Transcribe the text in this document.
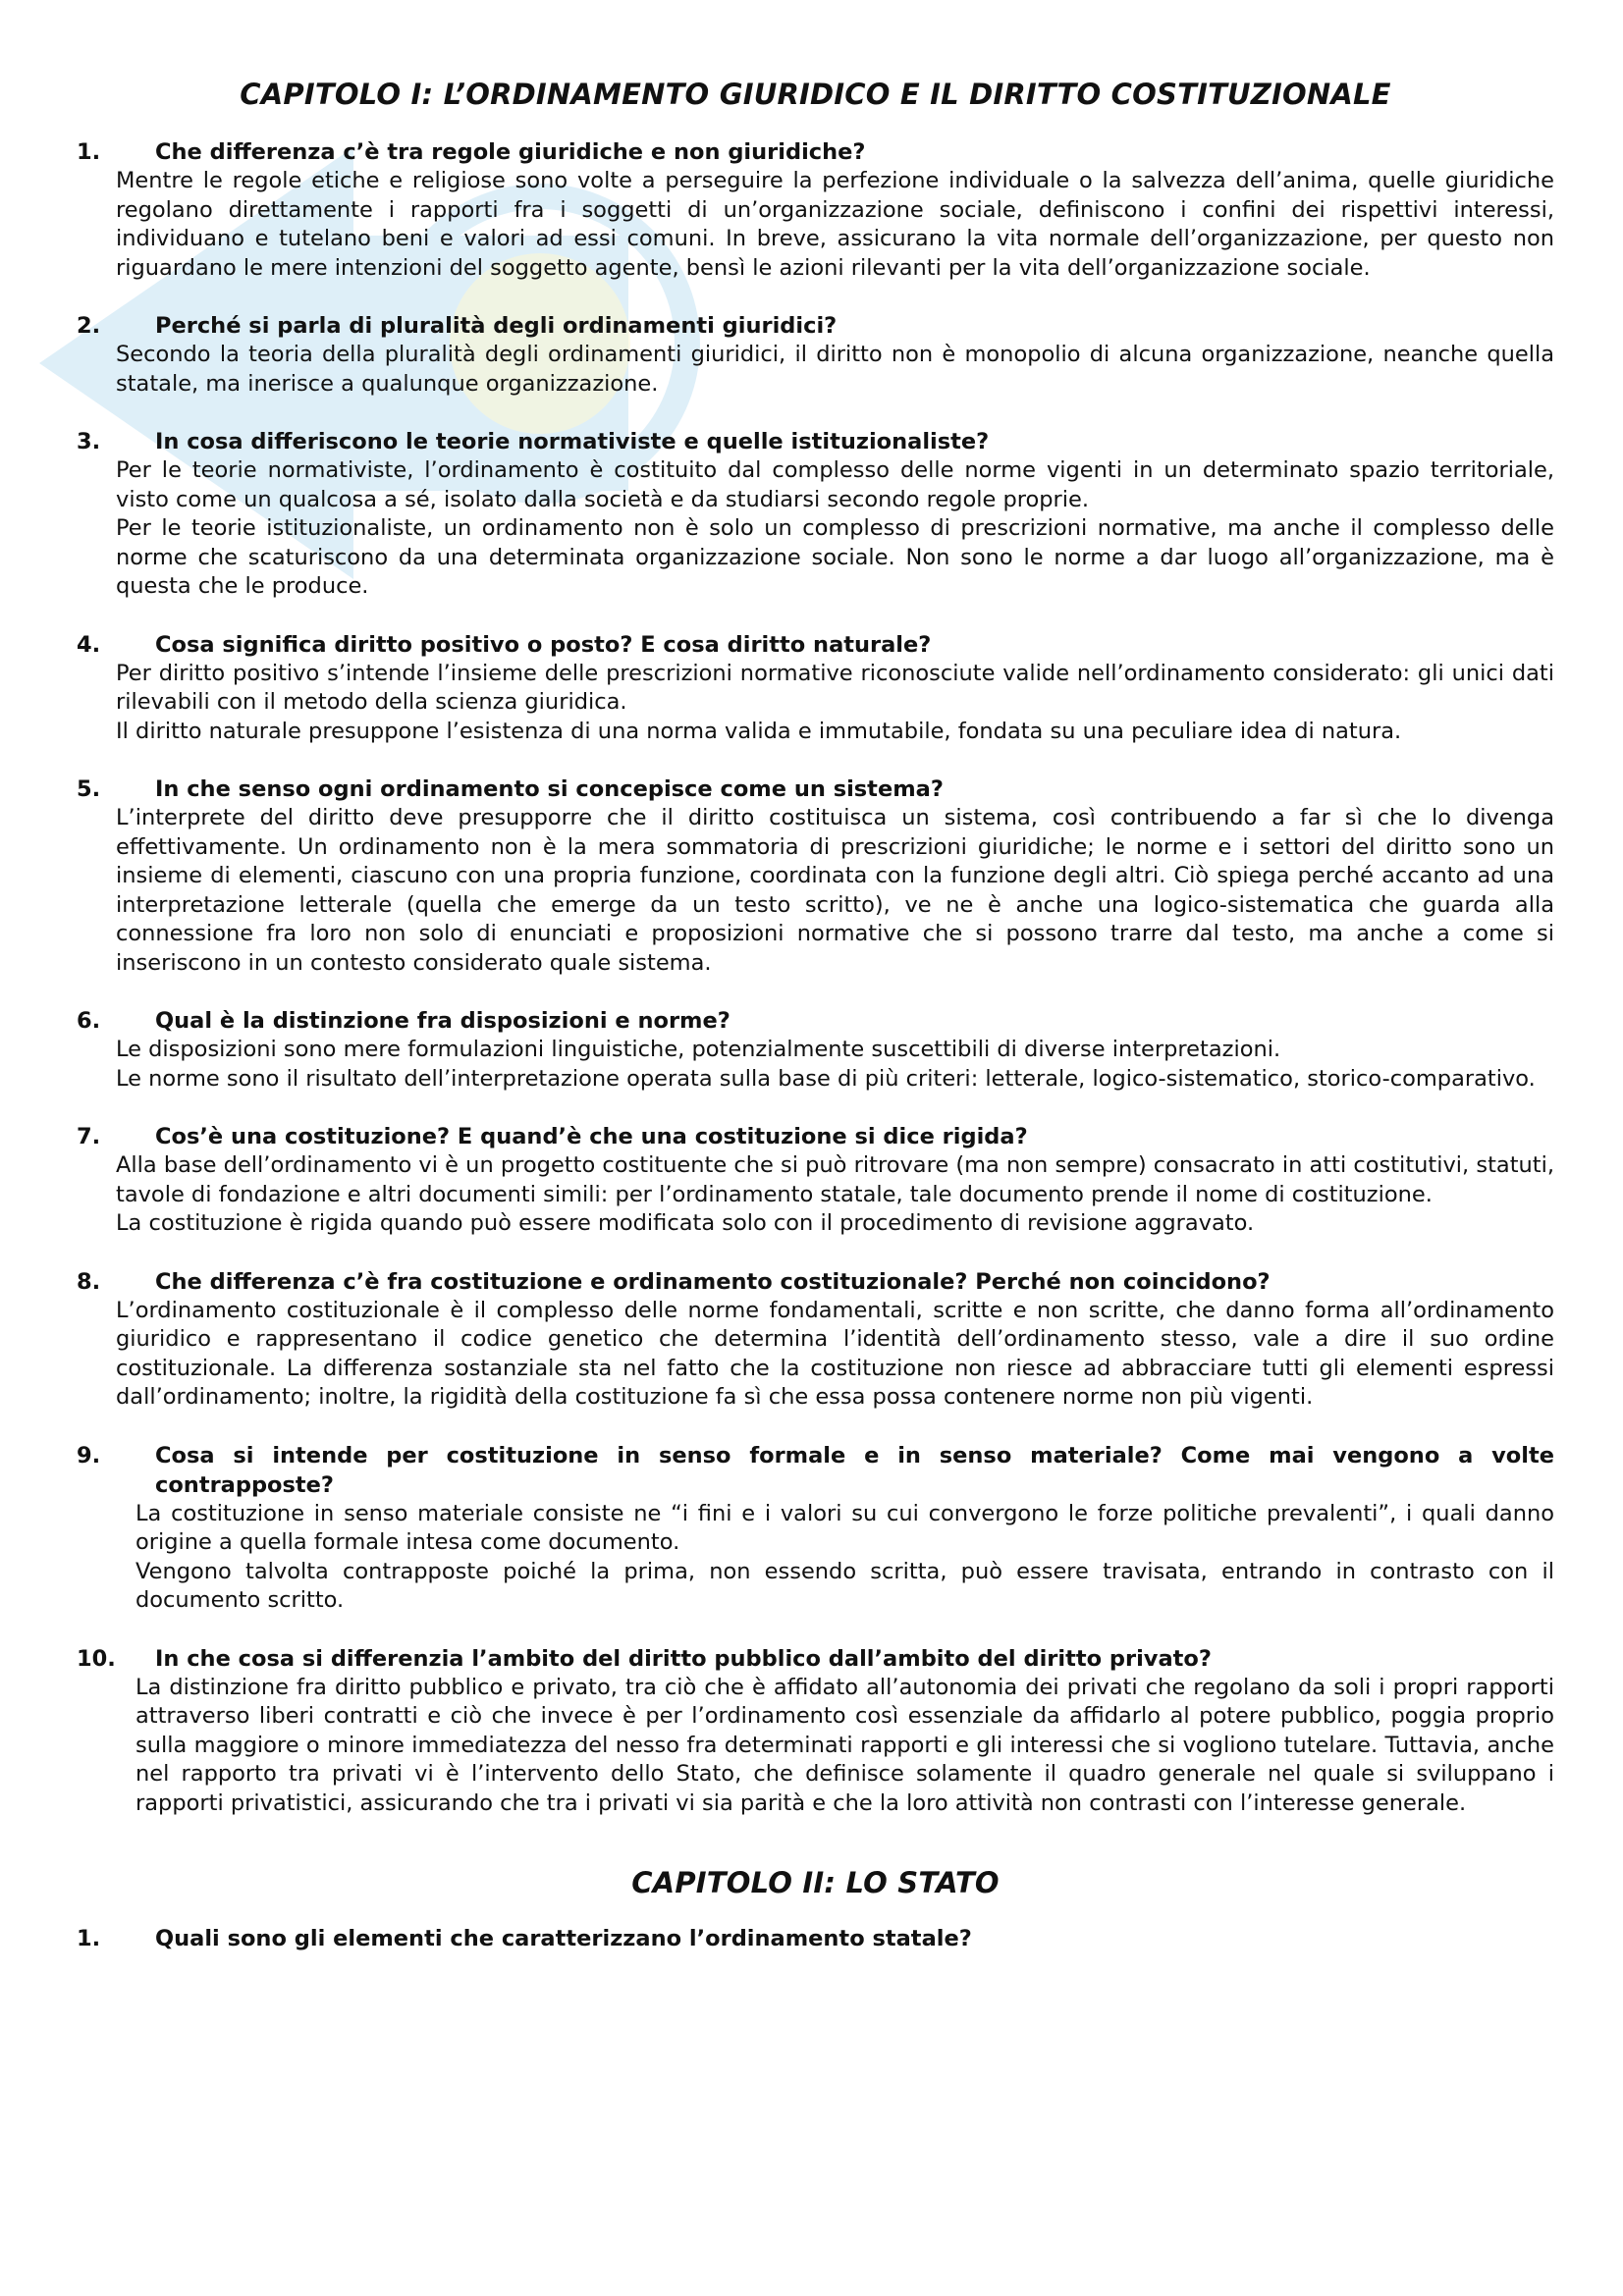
CAPITOLO I: L’ORDINAMENTO GIURIDICO E IL DIRITTO COSTITUZIONALE
1.	Che differenza c’è tra regole giuridiche e non giuridiche?

Mentre le regole etiche e religiose sono volte a perseguire la perfezione individuale o la salvezza dell’anima, quelle giuridiche regolano direttamente i rapporti fra i soggetti di un’organizzazione sociale, definiscono i confini dei rispettivi interessi, individuano e tutelano beni e valori ad essi comuni. In breve, assicurano la vita normale dell’organizzazione, per questo non riguardano le mere intenzioni del soggetto agente, bensì le azioni rilevanti per la vita dell’organizzazione sociale.

2.	Perché si parla di pluralità degli ordinamenti giuridici?

Secondo la teoria della pluralità degli ordinamenti giuridici, il diritto non è monopolio di alcuna organizzazione, neanche quella statale, ma inerisce a qualunque organizzazione.

3.	In cosa differiscono le teorie normativiste e quelle istituzionaliste?

Per le teorie normativiste, l’ordinamento è costituito dal complesso delle norme vigenti in un determinato spazio territoriale, visto come un qualcosa a sé, isolato dalla società e da studiarsi secondo regole proprie.

Per le teorie istituzionaliste, un ordinamento non è solo un complesso di prescrizioni normative, ma anche il complesso delle norme che scaturiscono da una determinata organizzazione sociale. Non sono le norme a dar luogo all’organizzazione, ma è questa che le produce.

4.	Cosa significa diritto positivo o posto? E cosa diritto naturale?

Per diritto positivo s’intende l’insieme delle prescrizioni normative riconosciute valide nell’ordinamento considerato: gli unici dati rilevabili con il metodo della scienza giuridica.

Il diritto naturale presuppone l’esistenza di una norma valida e immutabile, fondata su una peculiare idea di natura.

5.	In che senso ogni ordinamento si concepisce come un sistema?

L’interprete del diritto deve presupporre che il diritto costituisca un sistema, così contribuendo a far sì che lo divenga effettivamente. Un ordinamento non è la mera sommatoria di prescrizioni giuridiche; le norme e i settori del diritto sono un insieme di elementi, ciascuno con una propria funzione, coordinata con la funzione degli altri. Ciò spiega perché accanto ad una interpretazione letterale (quella che emerge da un testo scritto), ve ne è anche una logico-sistematica che guarda alla connessione fra loro non solo di enunciati e proposizioni normative che si possono trarre dal testo, ma anche a come si inseriscono in un contesto considerato quale sistema.

6.	Qual è la distinzione fra disposizioni e norme?

Le disposizioni sono mere formulazioni linguistiche, potenzialmente suscettibili di diverse interpretazioni.

Le norme sono il risultato dell’interpretazione operata sulla base di più criteri: letterale, logico-sistematico, storico-comparativo.

7.	Cos’è una costituzione? E quand’è che una costituzione si dice rigida?

Alla base dell’ordinamento vi è un progetto costituente che si può ritrovare (ma non sempre) consacrato in atti costitutivi, statuti, tavole di fondazione e altri documenti simili: per l’ordinamento statale, tale documento prende il nome di costituzione.

La costituzione è rigida quando può essere modificata solo con il procedimento di revisione aggravato.

8.	Che differenza c’è fra costituzione e ordinamento costituzionale? Perché non coincidono?

L’ordinamento costituzionale è il complesso delle norme fondamentali, scritte e non scritte, che danno forma all’ordinamento giuridico e rappresentano il codice genetico che determina l’identità dell’ordinamento stesso, vale a dire il suo ordine costituzionale. La differenza sostanziale sta nel fatto che la costituzione non riesce ad abbracciare tutti gli elementi espressi dall’ordinamento; inoltre, la rigidità della costituzione fa sì che essa possa contenere norme non più vigenti.

9.	Cosa si intende per costituzione in senso formale e in senso materiale? Come mai vengono a volte contrapposte?

La costituzione in senso materiale consiste ne “i fini e i valori su cui convergono le forze politiche prevalenti”, i quali danno origine a quella formale intesa come documento.

Vengono talvolta contrapposte poiché la prima, non essendo scritta, può essere travisata, entrando in contrasto con il documento scritto.

10.	In che cosa si differenzia l’ambito del diritto pubblico dall’ambito del diritto privato?

La distinzione fra diritto pubblico e privato, tra ciò che è affidato all’autonomia dei privati che regolano da soli i propri rapporti attraverso liberi contratti e ciò che invece è per l’ordinamento così essenziale da affidarlo al potere pubblico, poggia proprio sulla maggiore o minore immediatezza del nesso fra determinati rapporti e gli interessi che si vogliono tutelare. Tuttavia, anche nel rapporto tra privati vi è l’intervento dello Stato, che definisce solamente il quadro generale nel quale si sviluppano i rapporti privatistici, assicurando che tra i privati vi sia parità e che la loro attività non contrasti con l’interesse generale.

CAPITOLO II: LO STATO
1.	Quali sono gli elementi che caratterizzano l’ordinamento statale?
